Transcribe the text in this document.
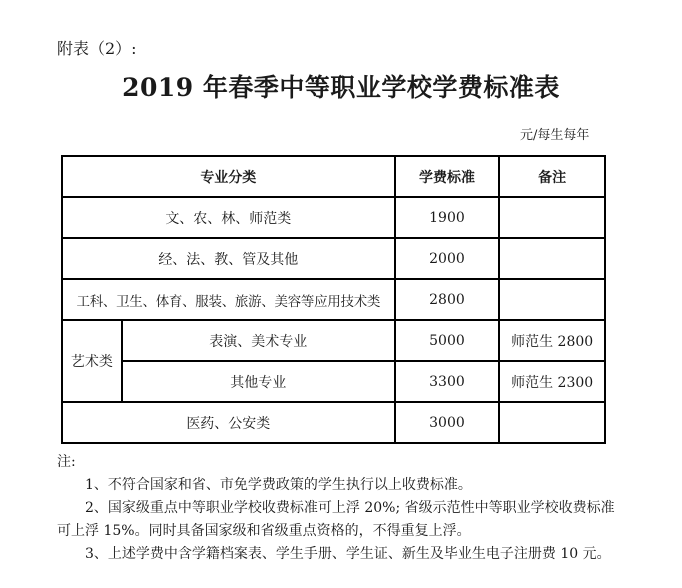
附表（2）:
2019 年春季中等职业学校学费标准表
元/每生每年
专业分类		学费标准	备注
文、农、林、师范类		1900	
经、法、教、管及其他		2000	
工科、卫生、体育、服装、旅游、美容等应用技术类		2800	
艺术类	表演、美术专业	5000	师范生 2800
	其他专业	3300	师范生 2300
医药、公安类		3000	

注:

1、不符合国家和省、市免学费政策的学生执行以上收费标准。

2、国家级重点中等职业学校收费标准可上浮 20%; 省级示范性中等职业学校收费标准可上浮 15%。同时具备国家级和省级重点资格的，不得重复上浮。

3、上述学费中含学籍档案表、学生手册、学生证、新生及毕业生电子注册费 10 元。
